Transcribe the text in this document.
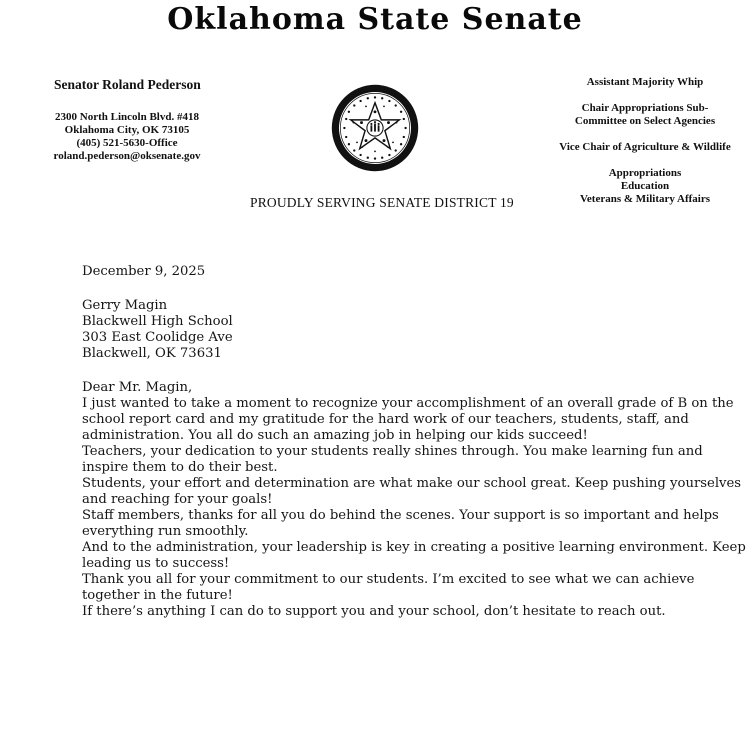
Oklahoma State Senate
Senator Roland Pederson
2300 North Lincoln Blvd. #418
Oklahoma City, OK 73105
(405) 521-5630-Office
roland.pederson@oksenate.gov
PROUDLY SERVING SENATE DISTRICT 19
Assistant Majority Whip
Chair Appropriations Sub-
Committee on Select Agencies
Vice Chair of Agriculture & Wildlife
Appropriations
Education
Veterans & Military Affairs
December 9, 2025
Gerry Magin
Blackwell High School
303 East Coolidge Ave
Blackwell, OK 73631
Dear Mr. Magin,

I just wanted to take a moment to recognize your accomplishment of an overall grade of B on the
school report card and my gratitude for the hard work of our teachers, students, staff, and
administration. You all do such an amazing job in helping our kids succeed!

Teachers, your dedication to your students really shines through. You make learning fun and
inspire them to do their best.

Students, your effort and determination are what make our school great. Keep pushing yourselves
and reaching for your goals!

Staff members, thanks for all you do behind the scenes. Your support is so important and helps
everything run smoothly.

And to the administration, your leadership is key in creating a positive learning environment. Keep
leading us to success!

Thank you all for your commitment to our students. I’m excited to see what we can achieve
together in the future!

If there’s anything I can do to support you and your school, don’t hesitate to reach out.
